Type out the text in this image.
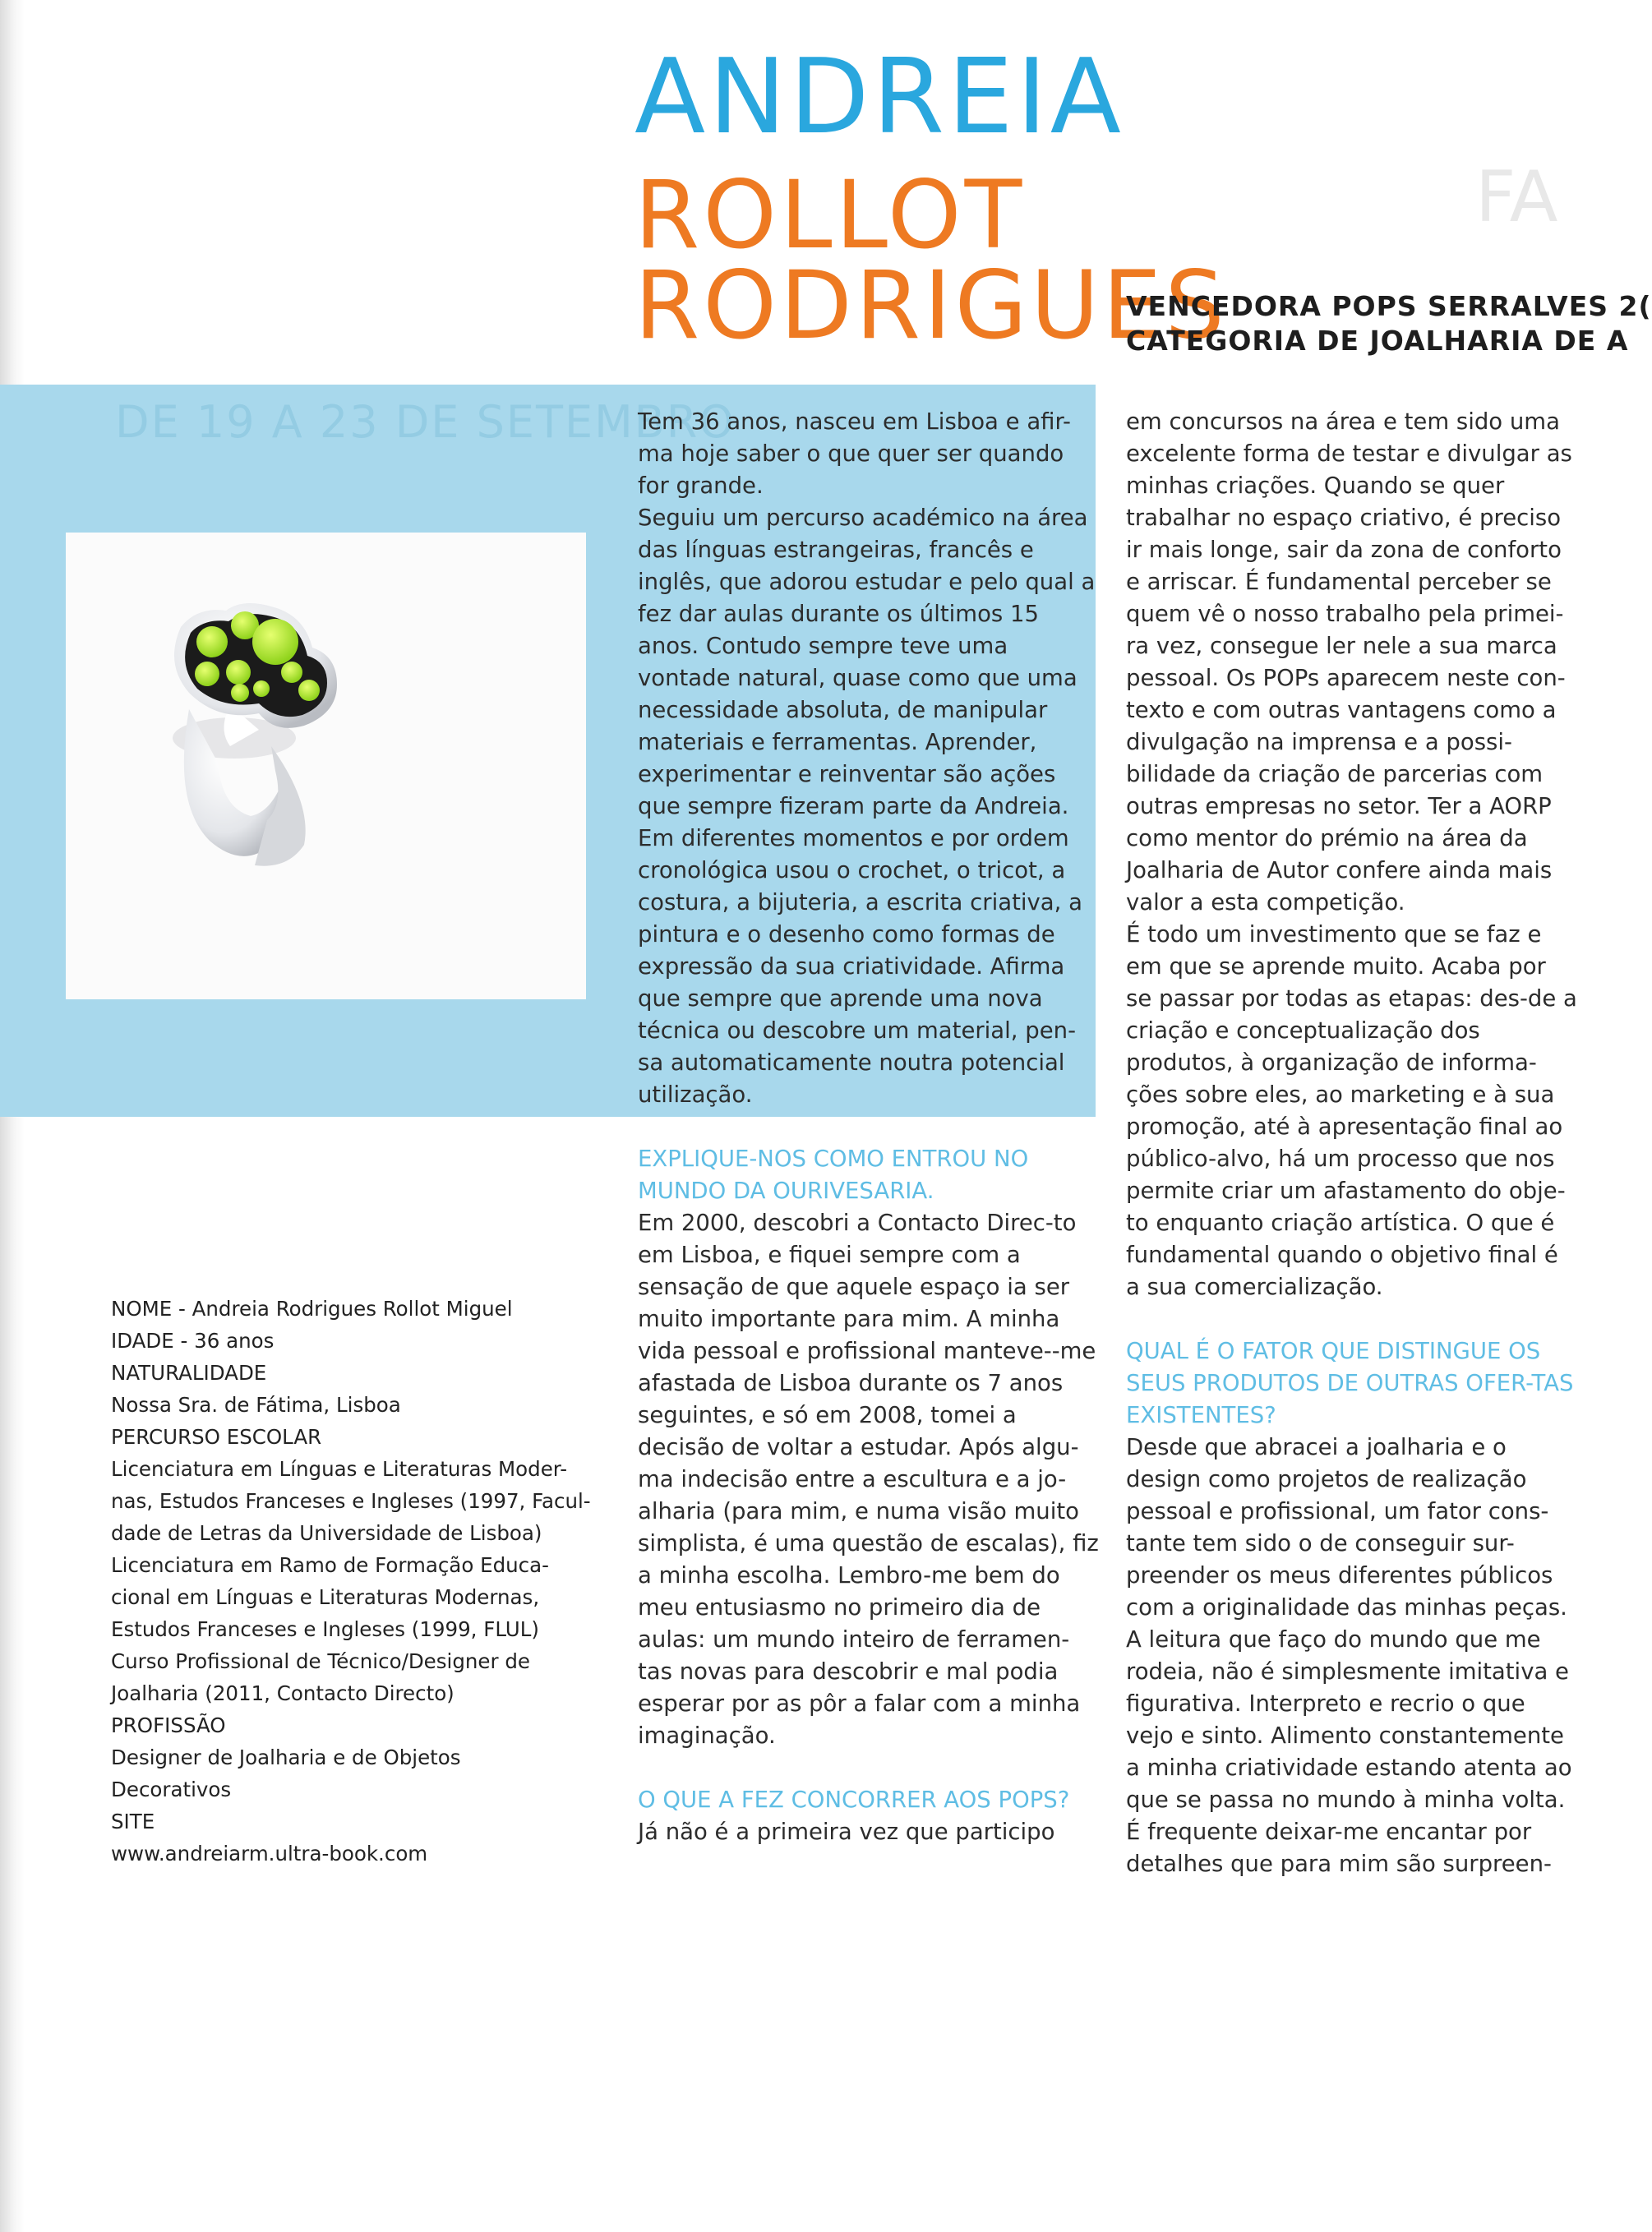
DE 19 A 23 DE SETEMBRO
FA
ANDREIA
ROLLOT
RODRIGUES
VENCEDORA POPS SERRALVES 2(
CATEGORIA DE JOALHARIA DE A

Tem 36 anos, nasceu em Lisboa e afir-ma hoje saber o que quer ser quando for grande.

Seguiu um percurso académico na área das línguas estrangeiras, francês e inglês, que adorou estudar e pelo qual a fez dar aulas durante os últimos 15 anos. Contudo sempre teve uma vontade natural, quase como que uma necessidade absoluta, de manipular materiais e ferramentas. Aprender, experimentar e reinventar são ações que sempre fizeram parte da Andreia. Em diferentes momentos e por ordem cronológica usou o crochet, o tricot, a costura, a bijuteria, a escrita criativa, a pintura e o desenho como formas de expressão da sua criatividade. Afirma que sempre que aprende uma nova técnica ou descobre um material, pen-sa automaticamente noutra potencial utilização.

EXPLIQUE-NOS COMO ENTROU NO MUNDO DA OURIVESARIA.

Em 2000, descobri a Contacto Direc-to em Lisboa, e fiquei sempre com a sensação de que aquele espaço ia ser muito importante para mim. A minha vida pessoal e profissional manteve--me afastada de Lisboa durante os 7 anos seguintes, e só em 2008, tomei a decisão de voltar a estudar. Após algu-ma indecisão entre a escultura e a jo-alharia (para mim, e numa visão muito simplista, é uma questão de escalas), fiz a minha escolha. Lembro-me bem do meu entusiasmo no primeiro dia de aulas: um mundo inteiro de ferramen-tas novas para descobrir e mal podia esperar por as pôr a falar com a minha imaginação.

O QUE A FEZ CONCORRER AOS POPS?

Já não é a primeira vez que participo

em concursos na área e tem sido uma excelente forma de testar e divulgar as minhas criações. Quando se quer trabalhar no espaço criativo, é preciso ir mais longe, sair da zona de conforto e arriscar. É fundamental perceber se quem vê o nosso trabalho pela primei-ra vez, consegue ler nele a sua marca pessoal. Os POPs aparecem neste con-texto e com outras vantagens como a divulgação na imprensa e a possi-bilidade da criação de parcerias com outras empresas no setor. Ter a AORP como mentor do prémio na área da Joalharia de Autor confere ainda mais valor a esta competição.

É todo um investimento que se faz e em que se aprende muito. Acaba por se passar por todas as etapas: des-de a criação e conceptualização dos produtos, à organização de informa-ções sobre eles, ao marketing e à sua promoção, até à apresentação final ao público-alvo, há um processo que nos permite criar um afastamento do obje-to enquanto criação artística. O que é fundamental quando o objetivo final é a sua comercialização.

QUAL É O FATOR QUE DISTINGUE OS SEUS PRODUTOS DE OUTRAS OFER-TAS EXISTENTES?

Desde que abracei a joalharia e o design como projetos de realização pessoal e profissional, um fator cons-tante tem sido o de conseguir sur-preender os meus diferentes públicos com a originalidade das minhas peças. A leitura que faço do mundo que me rodeia, não é simplesmente imitativa e figurativa. Interpreto e recrio o que vejo e sinto. Alimento constantemente a minha criatividade estando atenta ao que se passa no mundo à minha volta. É frequente deixar-me encantar por detalhes que para mim são surpreen-

NOME - Andreia Rodrigues Rollot Miguel
IDADE - 36 anos
NATURALIDADE
Nossa Sra. de Fátima, Lisboa
PERCURSO ESCOLAR
Licenciatura em Línguas e Literaturas Moder-
nas, Estudos Franceses e Ingleses (1997, Facul-
dade de Letras da Universidade de Lisboa)
Licenciatura em Ramo de Formação Educa-
cional em Línguas e Literaturas Modernas,
Estudos Franceses e Ingleses (1999, FLUL)
Curso Profissional de Técnico/Designer de
Joalharia (2011, Contacto Directo)
PROFISSÃO
Designer de Joalharia e de Objetos
Decorativos
SITE
www.andreiarm.ultra-book.com
